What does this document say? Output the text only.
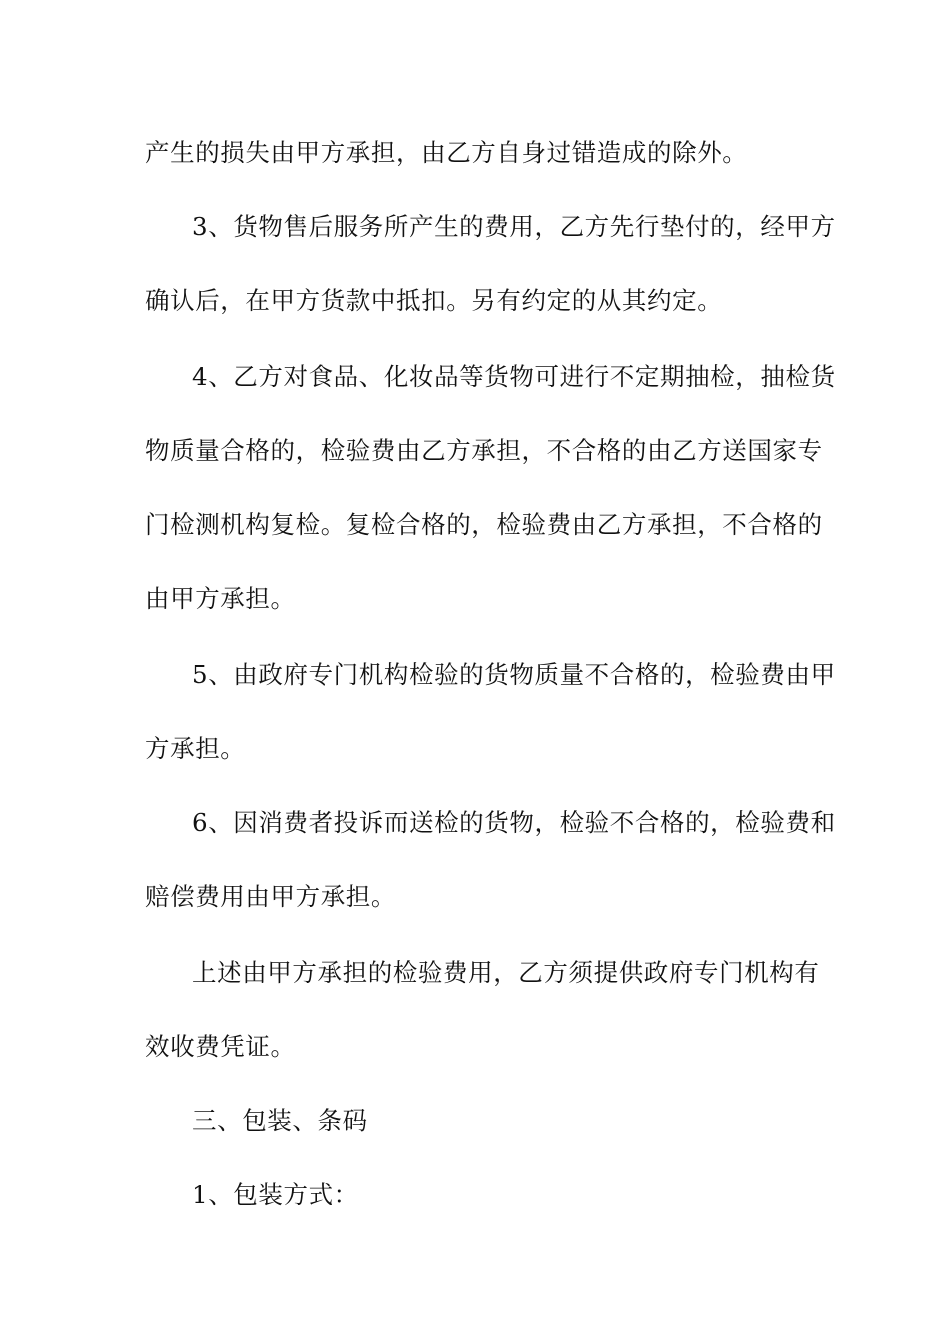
产生的损失由甲方承担，由乙方自身过错造成的除外。
3、货物售后服务所产生的费用，乙方先行垫付的，经甲方
确认后，在甲方货款中抵扣。另有约定的从其约定。
4、乙方对食品、化妆品等货物可进行不定期抽检，抽检货
物质量合格的，检验费由乙方承担，不合格的由乙方送国家专
门检测机构复检。复检合格的，检验费由乙方承担，不合格的
由甲方承担。
5、由政府专门机构检验的货物质量不合格的，检验费由甲
方承担。
6、因消费者投诉而送检的货物，检验不合格的，检验费和
赔偿费用由甲方承担。
上述由甲方承担的检验费用，乙方须提供政府专门机构有
效收费凭证。
三、包装、条码
1、包装方式：
